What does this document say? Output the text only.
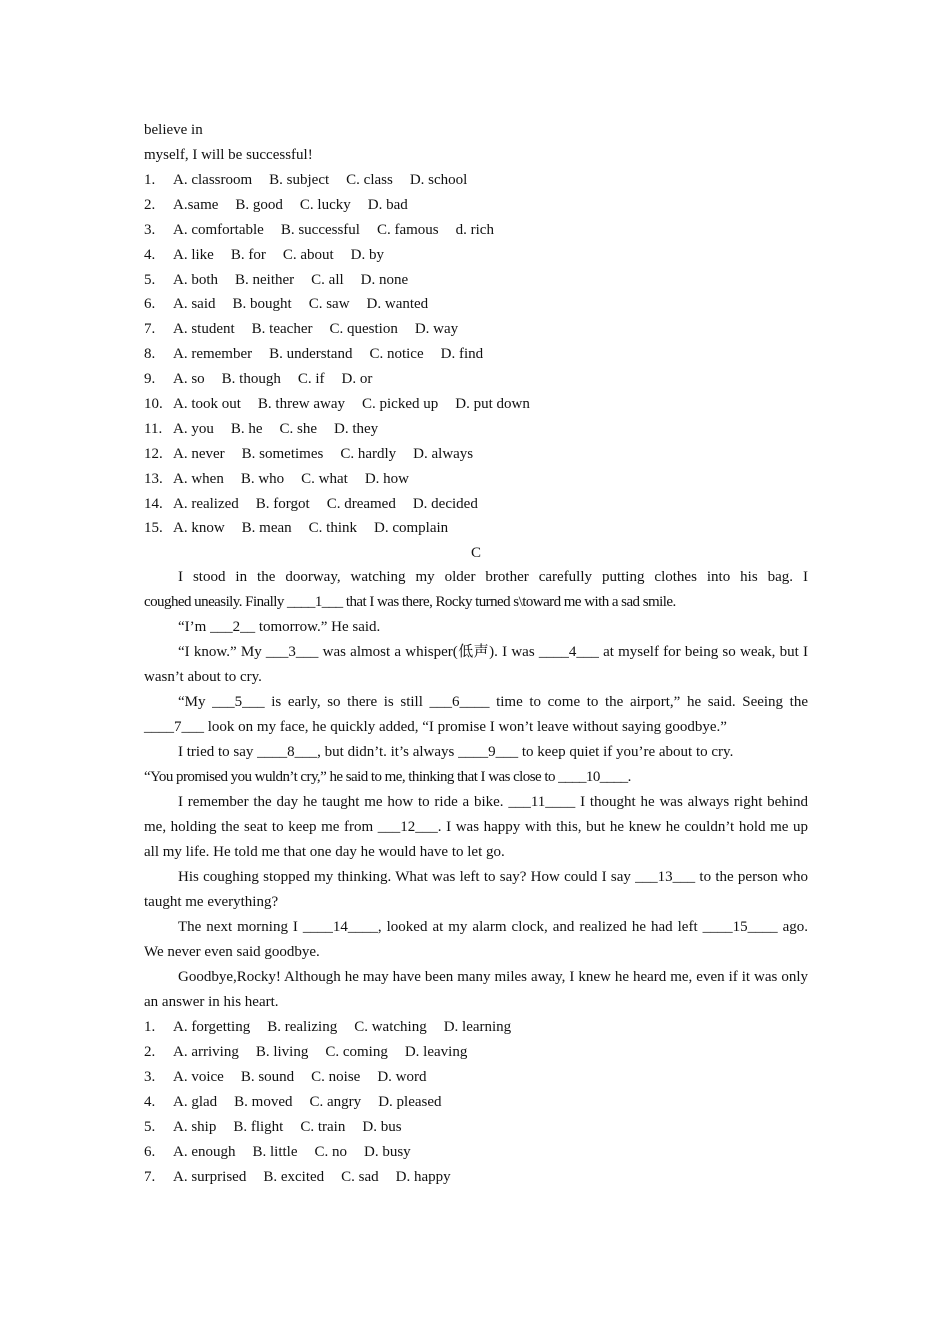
believe in
myself, I will be successful!
1.	A. classroom B. subject C. class D. school
2.	A.same B. good C. lucky D. bad
3.	A. comfortable B. successful C. famous d. rich
4.	A. like B. for C. about D. by
5.	A. both B. neither C. all D. none
6.	A. said B. bought C. saw D. wanted
7.	A. student B. teacher C. question D. way
8.	A. remember B. understand C. notice D. find
9.	A. so B. though C. if D. or
10. A. took out B. threw away C. picked up D. put down
11. A. you B. he C. she D. they
12. A. never B. sometimes C. hardly D. always
13. A. when B. who C. what D. how
14. A. realized B. forgot C. dreamed D. decided
15. A. know B. mean C. think D. complain
C
I stood in the doorway, watching my older brother carefully putting clothes into his bag. I
coughed uneasily. Finally ____1___ that I was there, Rocky turned s\toward me with a sad smile.

“I’m ___2__ tomorrow.” He said.

“I know.” My ___3___ was almost a whisper(低声). I was ____4___ at myself for being so weak, but I wasn’t about to cry.

“My ___5___ is early, so there is still ___6____ time to come to the airport,” he said. Seeing the ____7___ look on my face, he quickly added, “I promise I won’t leave without saying goodbye.”

I tried to say ____8___, but didn’t. it’s always ____9___ to keep quiet if you’re about to cry.
“You promised you wuldn’t cry,” he said to me, thinking that I was close to ____10____.

I remember the day he taught me how to ride a bike. ___11____ I thought he was always right behind me, holding the seat to keep me from ___12___. I was happy with this, but he knew he couldn’t hold me up all my life. He told me that one day he would have to let go.

His coughing stopped my thinking. What was left to say? How could I say ___13___ to the person who taught me everything?

The next morning I ____14____, looked at my alarm clock, and realized he had left ____15____ ago. We never even said goodbye.

Goodbye,Rocky! Although he may have been many miles away, I knew he heard me, even if it was only an answer in his heart.

1.	A. forgetting B. realizing C. watching D. learning
2.	A. arriving B. living C. coming D. leaving
3.	A. voice B. sound C. noise D. word
4.	A. glad B. moved C. angry D. pleased
5.	A. ship B. flight C. train D. bus
6.	A. enough B. little C. no D. busy
7.	A. surprised B. excited C. sad D. happy
